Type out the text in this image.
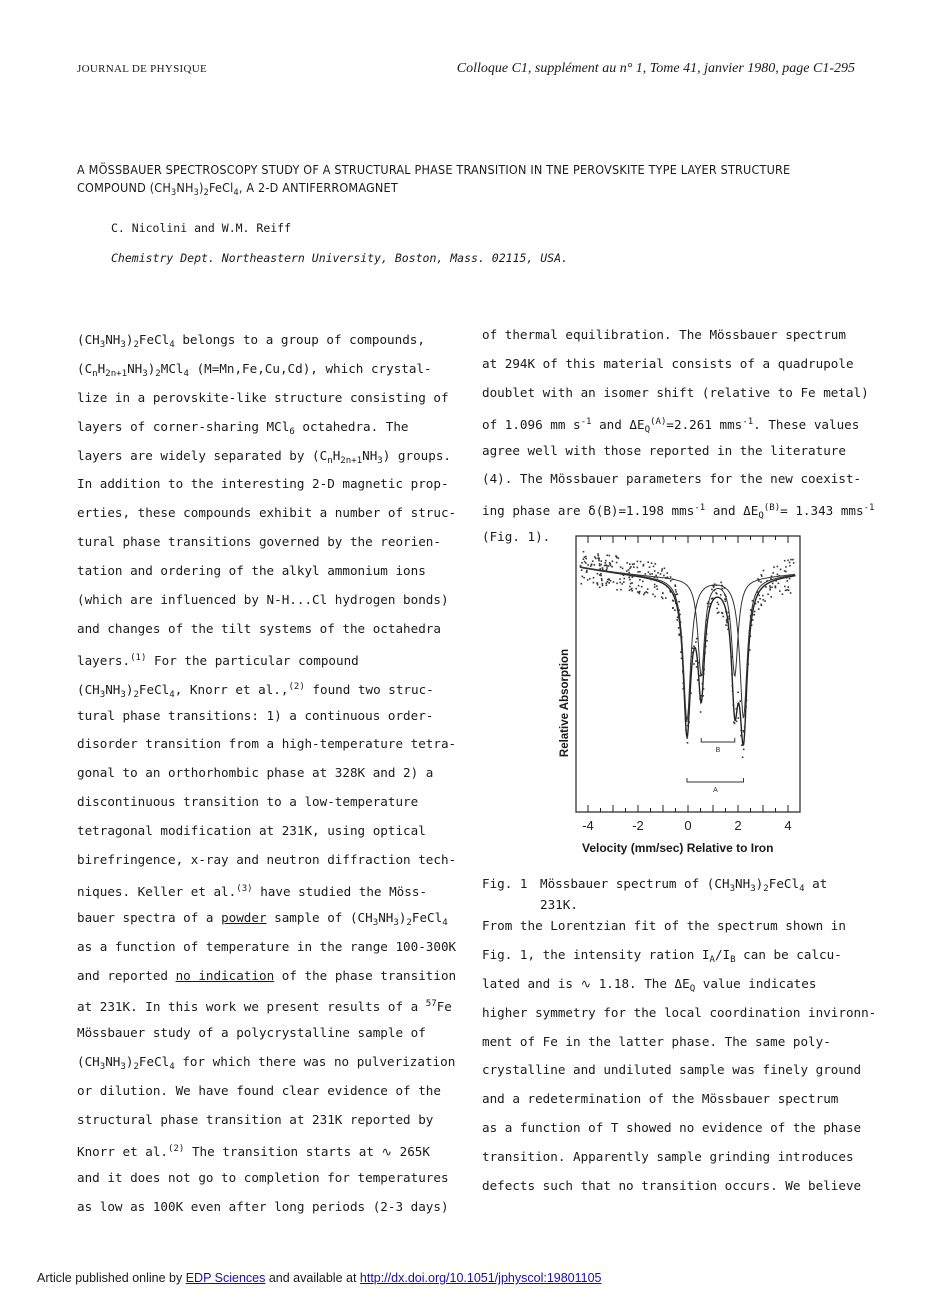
JOURNAL DE PHYSIQUE	Colloque C1, supplément au n° 1, Tome 41, janvier 1980, page C1-295
A MÖSSBAUER SPECTROSCOPY STUDY OF A STRUCTURAL PHASE TRANSITION IN TNE PEROVSKITE TYPE LAYER STRUCTURE
COMPOUND $(CH_3NH_3)_2FeCl_4$, A 2-D ANTIFERROMAGNET
C. Nicolini and W.M. Reiff
Chemistry Dept. Northeastern University, Boston, Mass. 02115, USA.
$(CH_3NH_3)_2FeCl_4$ belongs to a group of compounds,
$(C_nH_{2n+1}NH_3)_2MCl_4$ (M=Mn,Fe,Cu,Cd), which crystal-
lize in a perovskite-like structure consisting of
layers of corner-sharing MCl$_6$ octahedra. The
layers are widely separated by $(C_nH_{2n+1}NH_3)$ groups.
In addition to the interesting 2-D magnetic prop-
erties, these compounds exhibit a number of struc-
tural phase transitions governed by the reorien-
tation and ordering of the alkyl ammonium ions
(which are influenced by N-H...Cl hydrogen bonds)
and changes of the tilt systems of the octahedra
layers.$^{(1)}$ For the particular compound
$(CH_3NH_3)_2FeCl_4$, Knorr et al.,$^{(2)}$ found two struc-
tural phase transitions: 1) a continuous order-
disorder transition from a high-temperature tetra-
gonal to an orthorhombic phase at 328K and 2) a
discontinuous transition to a low-temperature
tetragonal modification at 231K, using optical
birefringence, x-ray and neutron diffraction tech-
niques. Keller et al.$^{(3)}$ have studied the Möss-
bauer spectra of a powder sample of $(CH_3NH_3)_2FeCl_4$
as a function of temperature in the range 100-300K
and reported no indication of the phase transition
at 231K. In this work we present results of a $^{57}$Fe
Mössbauer study of a polycrystalline sample of
$(CH_3NH_3)_2FeCl_4$ for which there was no pulverization
or dilution. We have found clear evidence of the
structural phase transition at 231K reported by
Knorr et al.$^{(2)}$ The transition starts at ∿ 265K
and it does not go to completion for temperatures
as low as 100K even after long periods (2-3 days)
of thermal equilibration. The Mössbauer spectrum
at 294K of this material consists of a quadrupole
doublet with an isomer shift (relative to Fe metal)
of 1.096 mm $s^{-1}$ and $\Delta E_Q^{(A)}=2.261$ mms$^{-1}$. These values
agree well with those reported in the literature
(4). The Mössbauer parameters for the new coexist-
ing phase are δ(B)=1.198 mms$^{-1}$ and $\Delta E_Q^{(B)}= 1.343$ mms$^{-1}$
(Fig. 1).
-4	-2	0	2	4
B
A
Relative Absorption
Velocity (mm/sec) Relative to Iron
Fig. 1 Mössbauer spectrum of $(CH_3NH_3)_2FeCl_4$ at
231K.
From the Lorentzian fit of the spectrum shown in
Fig. 1, the intensity ration $I_A/I_B$ can be calcu-
lated and is ∿ 1.18. The $\Delta E_Q$ value indicates
higher symmetry for the local coordination invironn-
ment of Fe in the latter phase. The same poly-
crystalline and undiluted sample was finely ground
and a redetermination of the Mössbauer spectrum
as a function of T showed no evidence of the phase
transition. Apparently sample grinding introduces
defects such that no transition occurs. We believe
Article published online by EDP Sciences and available at http://dx.doi.org/10.1051/jphyscol:19801105
